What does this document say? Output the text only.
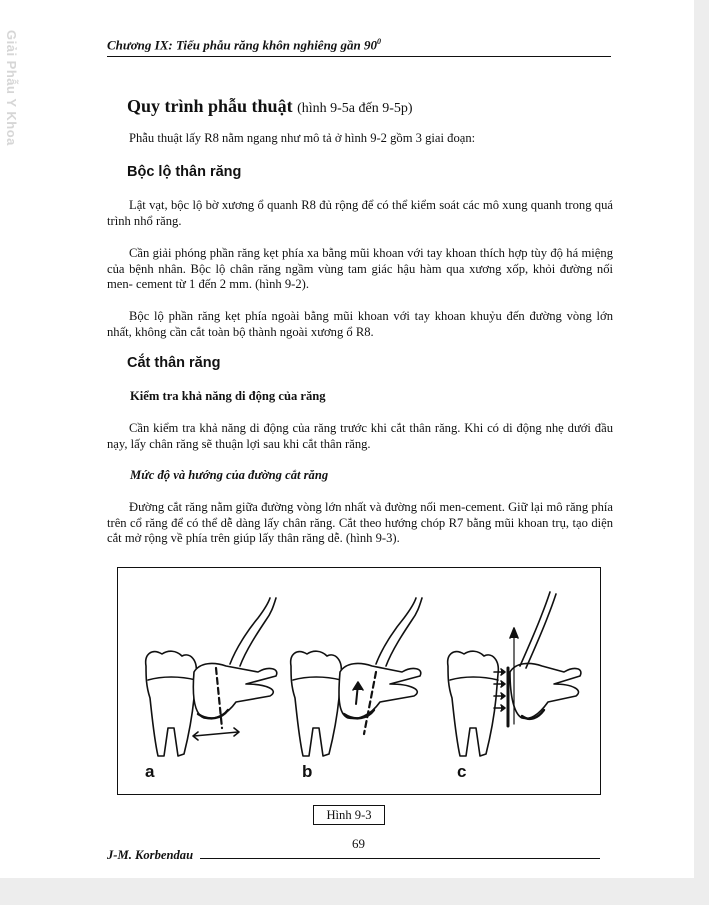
Giải Phẫu Y Khoa	Chương IX: Tiểu phẫu răng khôn nghiêng gần $90^0$
Quy trình phẫu thuật (hình 9-5a đến 9-5p)
Phẫu thuật lấy R8 nằm ngang như mô tả ở hình 9-2 gồm 3 giai đoạn:
Bộc lộ thân răng
Lật vạt, bộc lộ bờ xương ổ quanh R8 đủ rộng để có thể kiểm soát các mô xung quanh trong quá trình nhổ răng.
Cần giải phóng phần răng kẹt phía xa bằng mũi khoan với tay khoan thích hợp tùy độ há miệng của bệnh nhân. Bộc lộ chân răng ngầm vùng tam giác hậu hàm qua xương xốp, khỏi đường nối men- cement từ 1 đến 2 mm. (hình 9-2).
Bộc lộ phần răng kẹt phía ngoài bằng mũi khoan với tay khoan khuỷu đến đường vòng lớn nhất, không cần cắt toàn bộ thành ngoài xương ổ R8.
Cắt thân răng
Kiểm tra khả năng di động của răng
Cần kiểm tra khả năng di động của răng trước khi cắt thân răng. Khi có di động nhẹ dưới đầu nạy, lấy chân răng sẽ thuận lợi sau khi cắt thân răng.
Mức độ và hướng của đường cắt răng
Đường cắt răng nằm giữa đường vòng lớn nhất và đường nối men-cement. Giữ lại mô răng phía trên cổ răng để có thể dễ dàng lấy chân răng. Cắt theo hướng chóp R7 bằng mũi khoan trụ, tạo diện cắt mở rộng về phía trên giúp lấy thân răng dễ. (hình 9-3).
a	b	c
Hình 9-3
69
J-M. Korbendau
